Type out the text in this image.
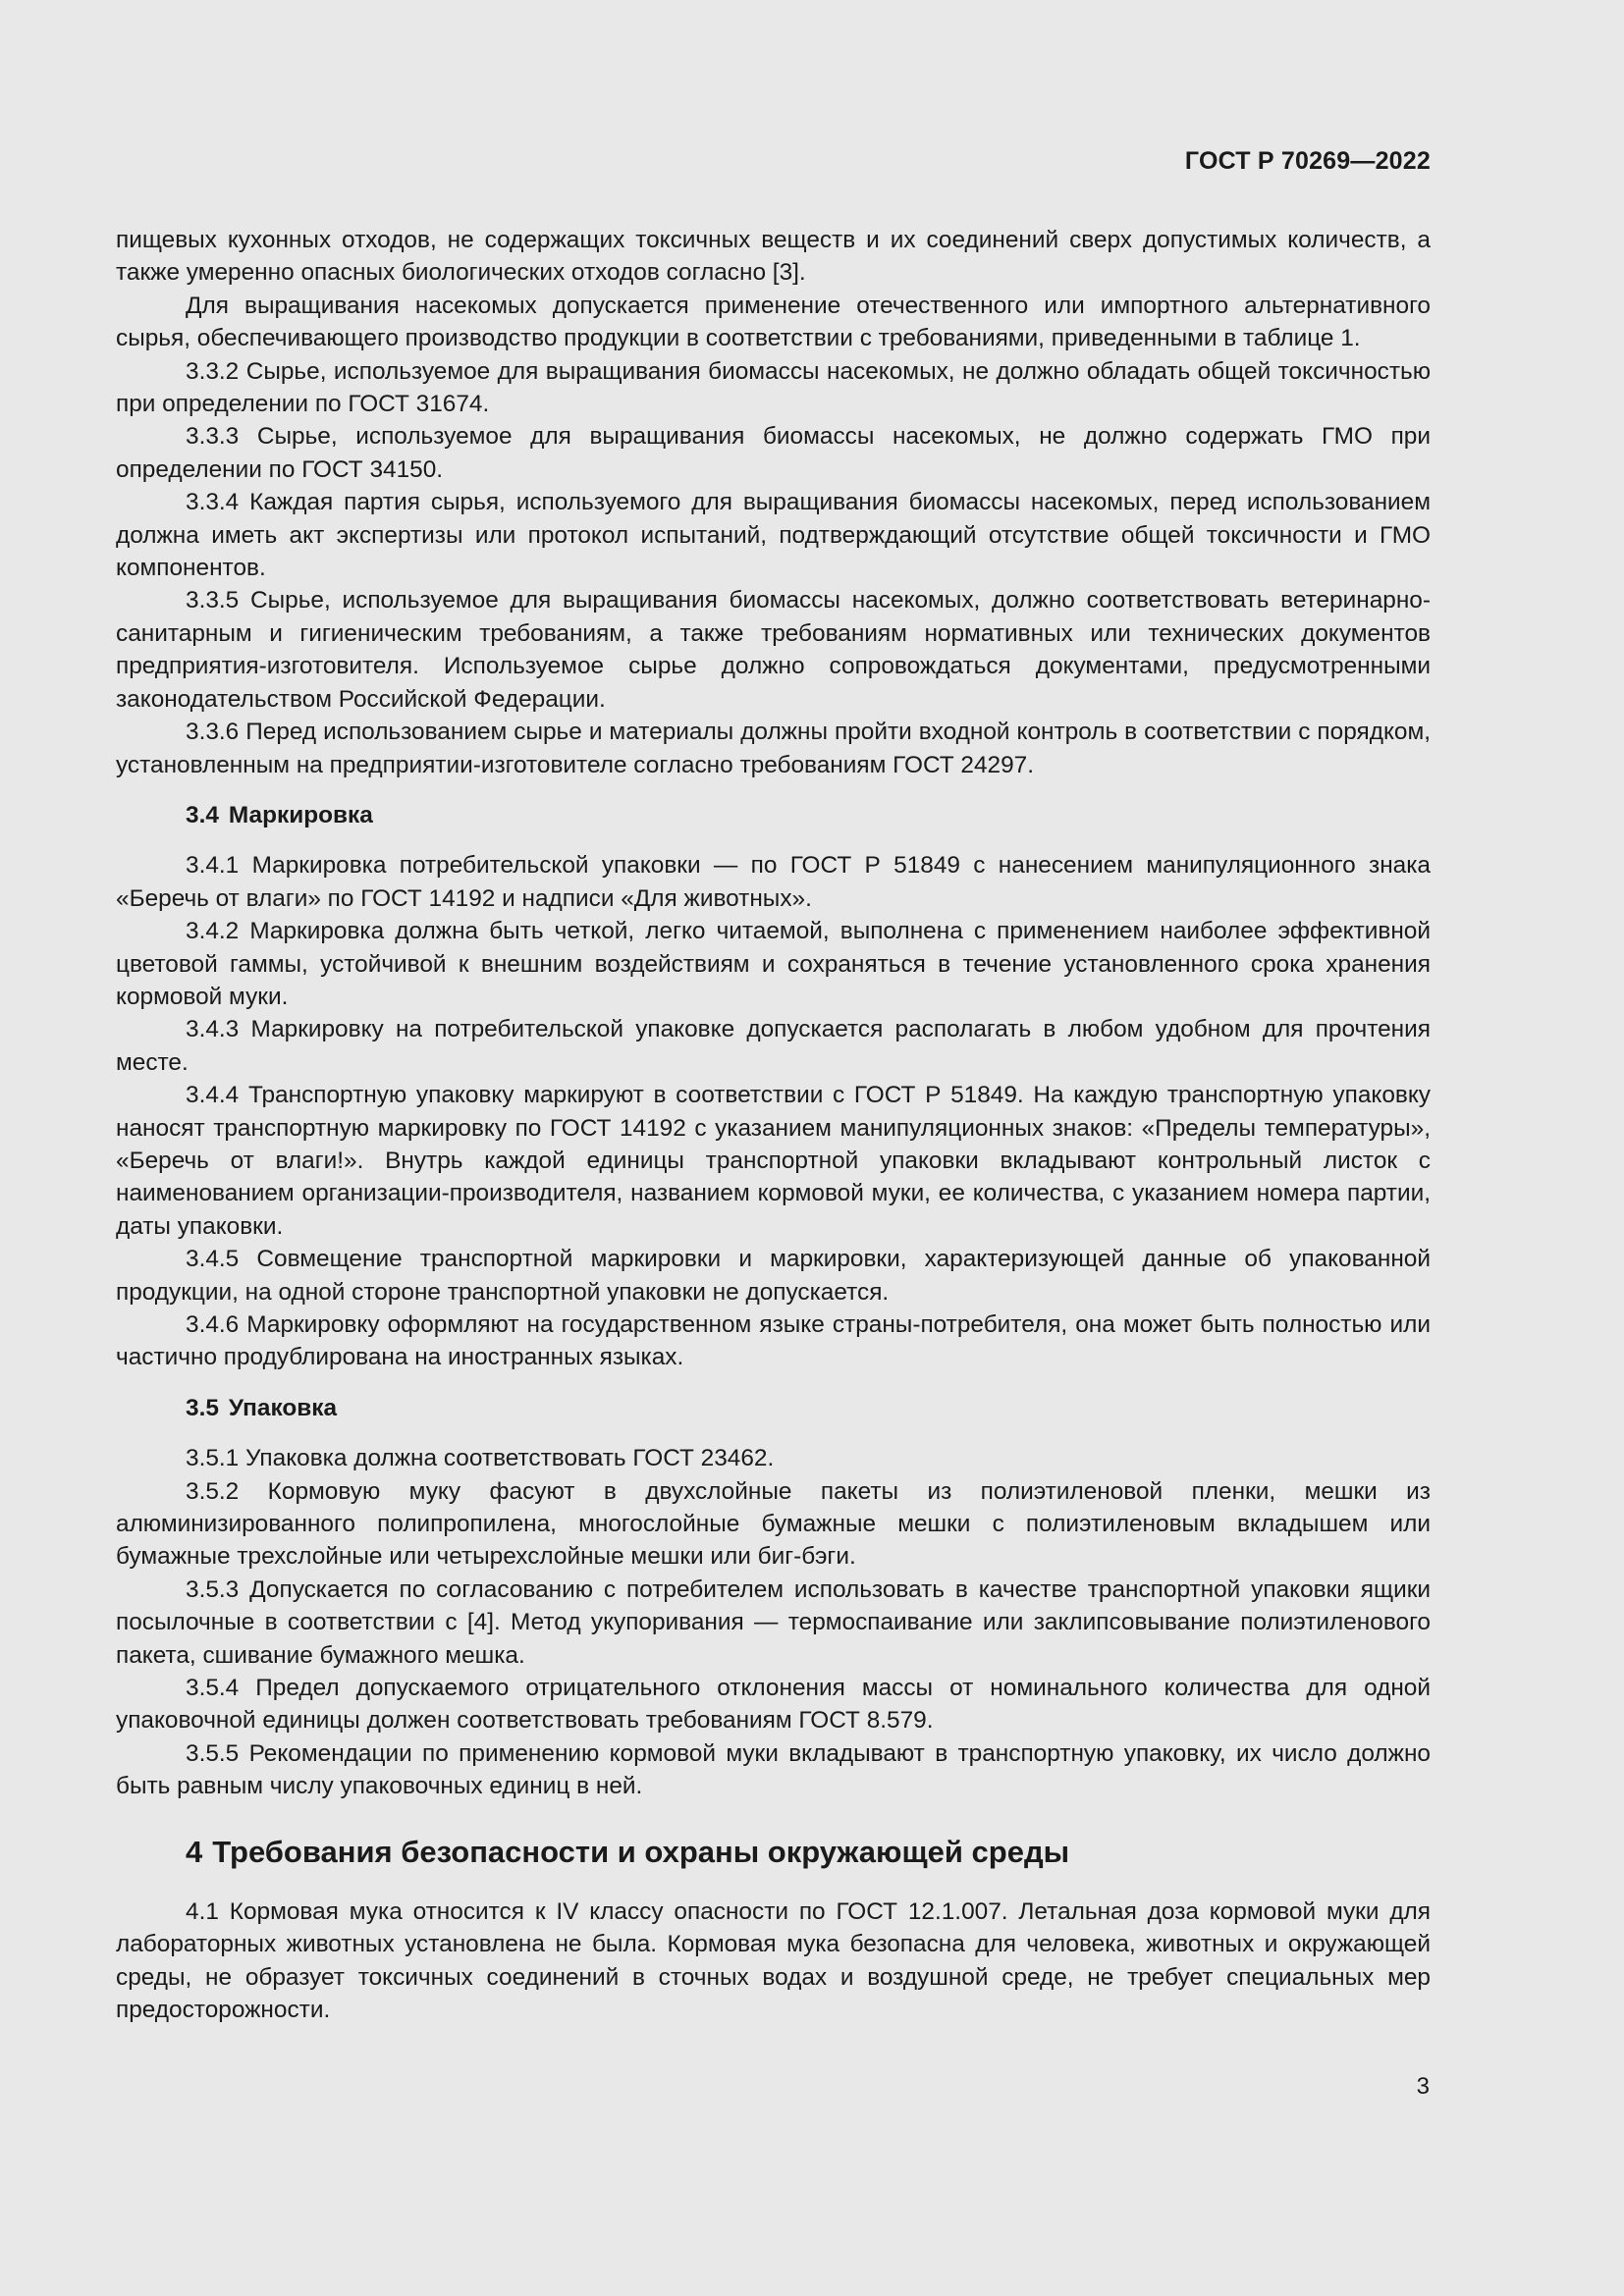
ГОСТ Р 70269—2022

пищевых кухонных отходов, не содержащих токсичных веществ и их соединений сверх допустимых количеств, а также умеренно опасных биологических отходов согласно [3].

Для выращивания насекомых допускается применение отечественного или импортного альтернативного сырья, обеспечивающего производство продукции в соответствии с требованиями, приведенными в таблице 1.

3.3.2 Сырье, используемое для выращивания биомассы насекомых, не должно обладать общей токсичностью при определении по ГОСТ 31674.

3.3.3 Сырье, используемое для выращивания биомассы насекомых, не должно содержать ГМО при определении по ГОСТ 34150.

3.3.4 Каждая партия сырья, используемого для выращивания биомассы насекомых, перед использованием должна иметь акт экспертизы или протокол испытаний, подтверждающий отсутствие общей токсичности и ГМО компонентов.

3.3.5 Сырье, используемое для выращивания биомассы насекомых, должно соответствовать ветеринарно-санитарным и гигиеническим требованиям, а также требованиям нормативных или технических документов предприятия-изготовителя. Используемое сырье должно сопровождаться документами, предусмотренными законодательством Российской Федерации.

3.3.6 Перед использованием сырье и материалы должны пройти входной контроль в соответствии с порядком, установленным на предприятии-изготовителе согласно требованиям ГОСТ 24297.

3.4 Маркировка

3.4.1 Маркировка потребительской упаковки — по ГОСТ Р 51849 с нанесением манипуляционного знака «Беречь от влаги» по ГОСТ 14192 и надписи «Для животных».

3.4.2 Маркировка должна быть четкой, легко читаемой, выполнена с применением наиболее эффективной цветовой гаммы, устойчивой к внешним воздействиям и сохраняться в течение установленного срока хранения кормовой муки.

3.4.3 Маркировку на потребительской упаковке допускается располагать в любом удобном для прочтения месте.

3.4.4 Транспортную упаковку маркируют в соответствии с ГОСТ Р 51849. На каждую транспортную упаковку наносят транспортную маркировку по ГОСТ 14192 с указанием манипуляционных знаков: «Пределы температуры», «Беречь от влаги!». Внутрь каждой единицы транспортной упаковки вкладывают контрольный листок с наименованием организации-производителя, названием кормовой муки, ее количества, с указанием номера партии, даты упаковки.

3.4.5 Совмещение транспортной маркировки и маркировки, характеризующей данные об упакованной продукции, на одной стороне транспортной упаковки не допускается.

3.4.6 Маркировку оформляют на государственном языке страны-потребителя, она может быть полностью или частично продублирована на иностранных языках.

3.5 Упаковка

3.5.1 Упаковка должна соответствовать ГОСТ 23462.

3.5.2 Кормовую муку фасуют в двухслойные пакеты из полиэтиленовой пленки, мешки из алюминизированного полипропилена, многослойные бумажные мешки с полиэтиленовым вкладышем или бумажные трехслойные или четырехслойные мешки или биг-бэги.

3.5.3 Допускается по согласованию с потребителем использовать в качестве транспортной упаковки ящики посылочные в соответствии с [4]. Метод укупоривания — термоспаивание или заклипсовывание полиэтиленового пакета, сшивание бумажного мешка.

3.5.4 Предел допускаемого отрицательного отклонения массы от номинального количества для одной упаковочной единицы должен соответствовать требованиям ГОСТ 8.579.

3.5.5 Рекомендации по применению кормовой муки вкладывают в транспортную упаковку, их число должно быть равным числу упаковочных единиц в ней.

4 Требования безопасности и охраны окружающей среды

4.1 Кормовая мука относится к IV классу опасности по ГОСТ 12.1.007. Летальная доза кормовой муки для лабораторных животных установлена не была. Кормовая мука безопасна для человека, животных и окружающей среды, не образует токсичных соединений в сточных водах и воздушной среде, не требует специальных мер предосторожности.

3
